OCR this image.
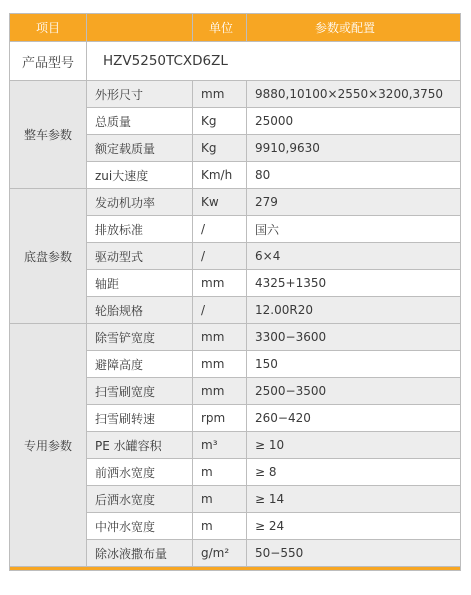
项目		单位	参数或配置
产品型号	HZV5250TCXD6ZL		
整车参数	外形尺寸	mm	9880,10100×2550×3200,3750
	总质量	Kg	25000
	额定载质量	Kg	9910,9630
	zui大速度	Km/h	80
底盘参数	发动机功率	Kw	279
	排放标准	/	国六
	驱动型式	/	6×4
	轴距	mm	4325+1350
	轮胎规格	/	12.00R20
专用参数	除雪铲宽度	mm	3300−3600
	避障高度	mm	150
	扫雪刷宽度	mm	2500−3500
	扫雪刷转速	rpm	260−420
	PE 水罐容积	m³	≥ 10
	前洒水宽度	m	≥ 8
	后洒水宽度	m	≥ 14
	中冲水宽度	m	≥ 24
	除冰液撒布量	g/m²	50−550
